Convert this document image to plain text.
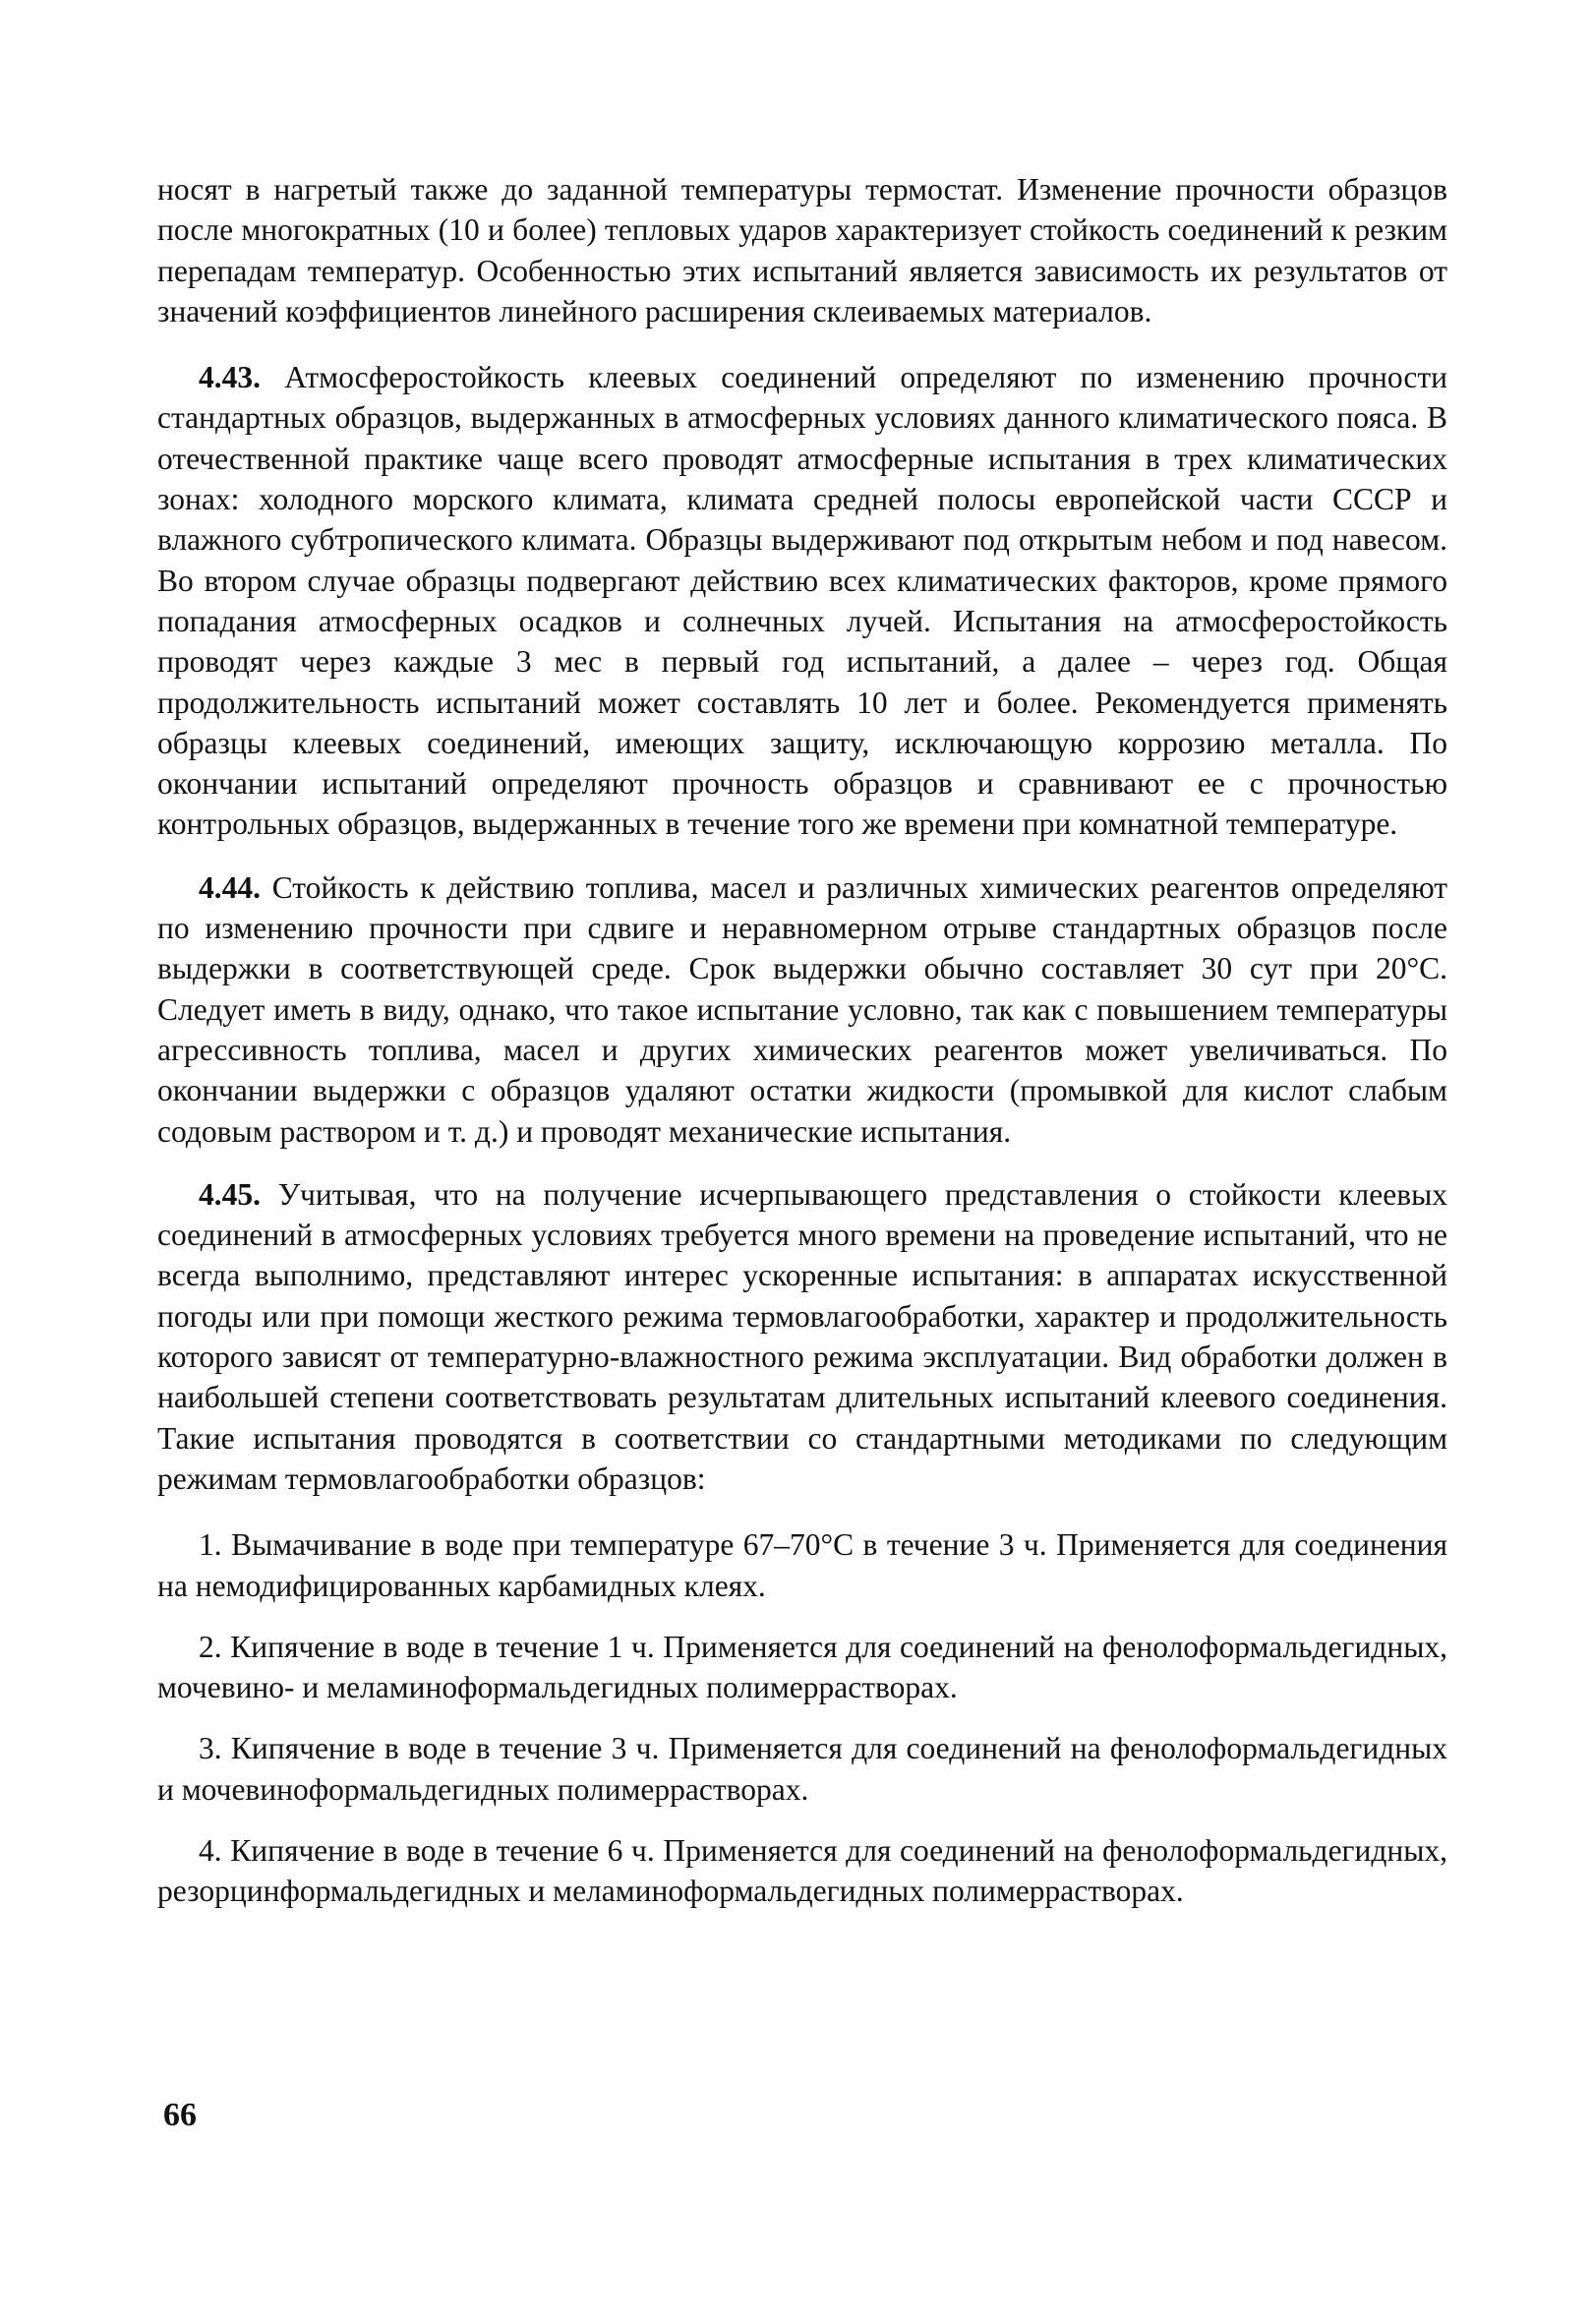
носят в нагретый также до заданной температуры термостат. Изменение прочности образцов после многократных (10 и более) тепловых ударов характеризует стойкость соединений к резким перепадам температур. Особенностью этих испытаний является зависимость их результатов от значений коэффициентов линейного расширения склеиваемых материалов.

4.43. Атмосферостойкость клеевых соединений определяют по изменению прочности стандартных образцов, выдержанных в атмосферных условиях данного климатического пояса. В отечественной практике чаще всего проводят атмосферные испытания в трех климатических зонах: холодного морского климата, климата средней полосы европейской части СССР и влажного субтропического климата. Образцы выдерживают под открытым небом и под навесом. Во втором случае образцы подвергают действию всех климатических факторов, кроме прямого попадания атмосферных осадков и солнечных лучей. Испытания на атмосферостойкость проводят через каждые 3 мес в первый год испытаний, а далее – через год. Общая продолжительность испытаний может составлять 10 лет и более. Рекомендуется применять образцы клеевых соединений, имеющих защиту, исключающую коррозию металла. По окончании испытаний определяют прочность образцов и сравнивают ее с прочностью контрольных образцов, выдержанных в течение того же времени при комнатной температуре.

4.44. Стойкость к действию топлива, масел и различных химических реагентов определяют по изменению прочности при сдвиге и неравномерном отрыве стандартных образцов после выдержки в соответствующей среде. Срок выдержки обычно составляет 30 сут при 20°С. Следует иметь в виду, однако, что такое испытание условно, так как с повышением температуры агрессивность топлива, масел и других химических реагентов может увеличиваться. По окончании выдержки с образцов удаляют остатки жидкости (промывкой для кислот слабым содовым раствором и т. д.) и проводят механические испытания.

4.45. Учитывая, что на получение исчерпывающего представления о стойкости клеевых соединений в атмосферных условиях требуется много времени на проведение испытаний, что не всегда выполнимо, представляют интерес ускоренные испытания: в аппаратах искусственной погоды или при помощи жесткого режима термовлагообработки, характер и продолжительность которого зависят от температурно-влажностного режима эксплуатации. Вид обработки должен в наибольшей степени соответствовать результатам длительных испытаний клеевого соединения. Такие испытания проводятся в соответствии со стандартными методиками по следующим режимам термовлагообработки образцов:

1. Вымачивание в воде при температуре 67–70°С в течение 3 ч. Применяется для соединения на немодифицированных карбамидных клеях.

2. Кипячение в воде в течение 1 ч. Применяется для соединений на фенолоформальдегидных, мочевино- и меламиноформальдегидных полимеррастворах.

3. Кипячение в воде в течение 3 ч. Применяется для соединений на фенолоформальдегидных и мочевиноформальдегидных полимеррастворах.

4. Кипячение в воде в течение 6 ч. Применяется для соединений на фенолоформальдегидных, резорцинформальдегидных и меламиноформальдегидных полимеррастворах.

66
